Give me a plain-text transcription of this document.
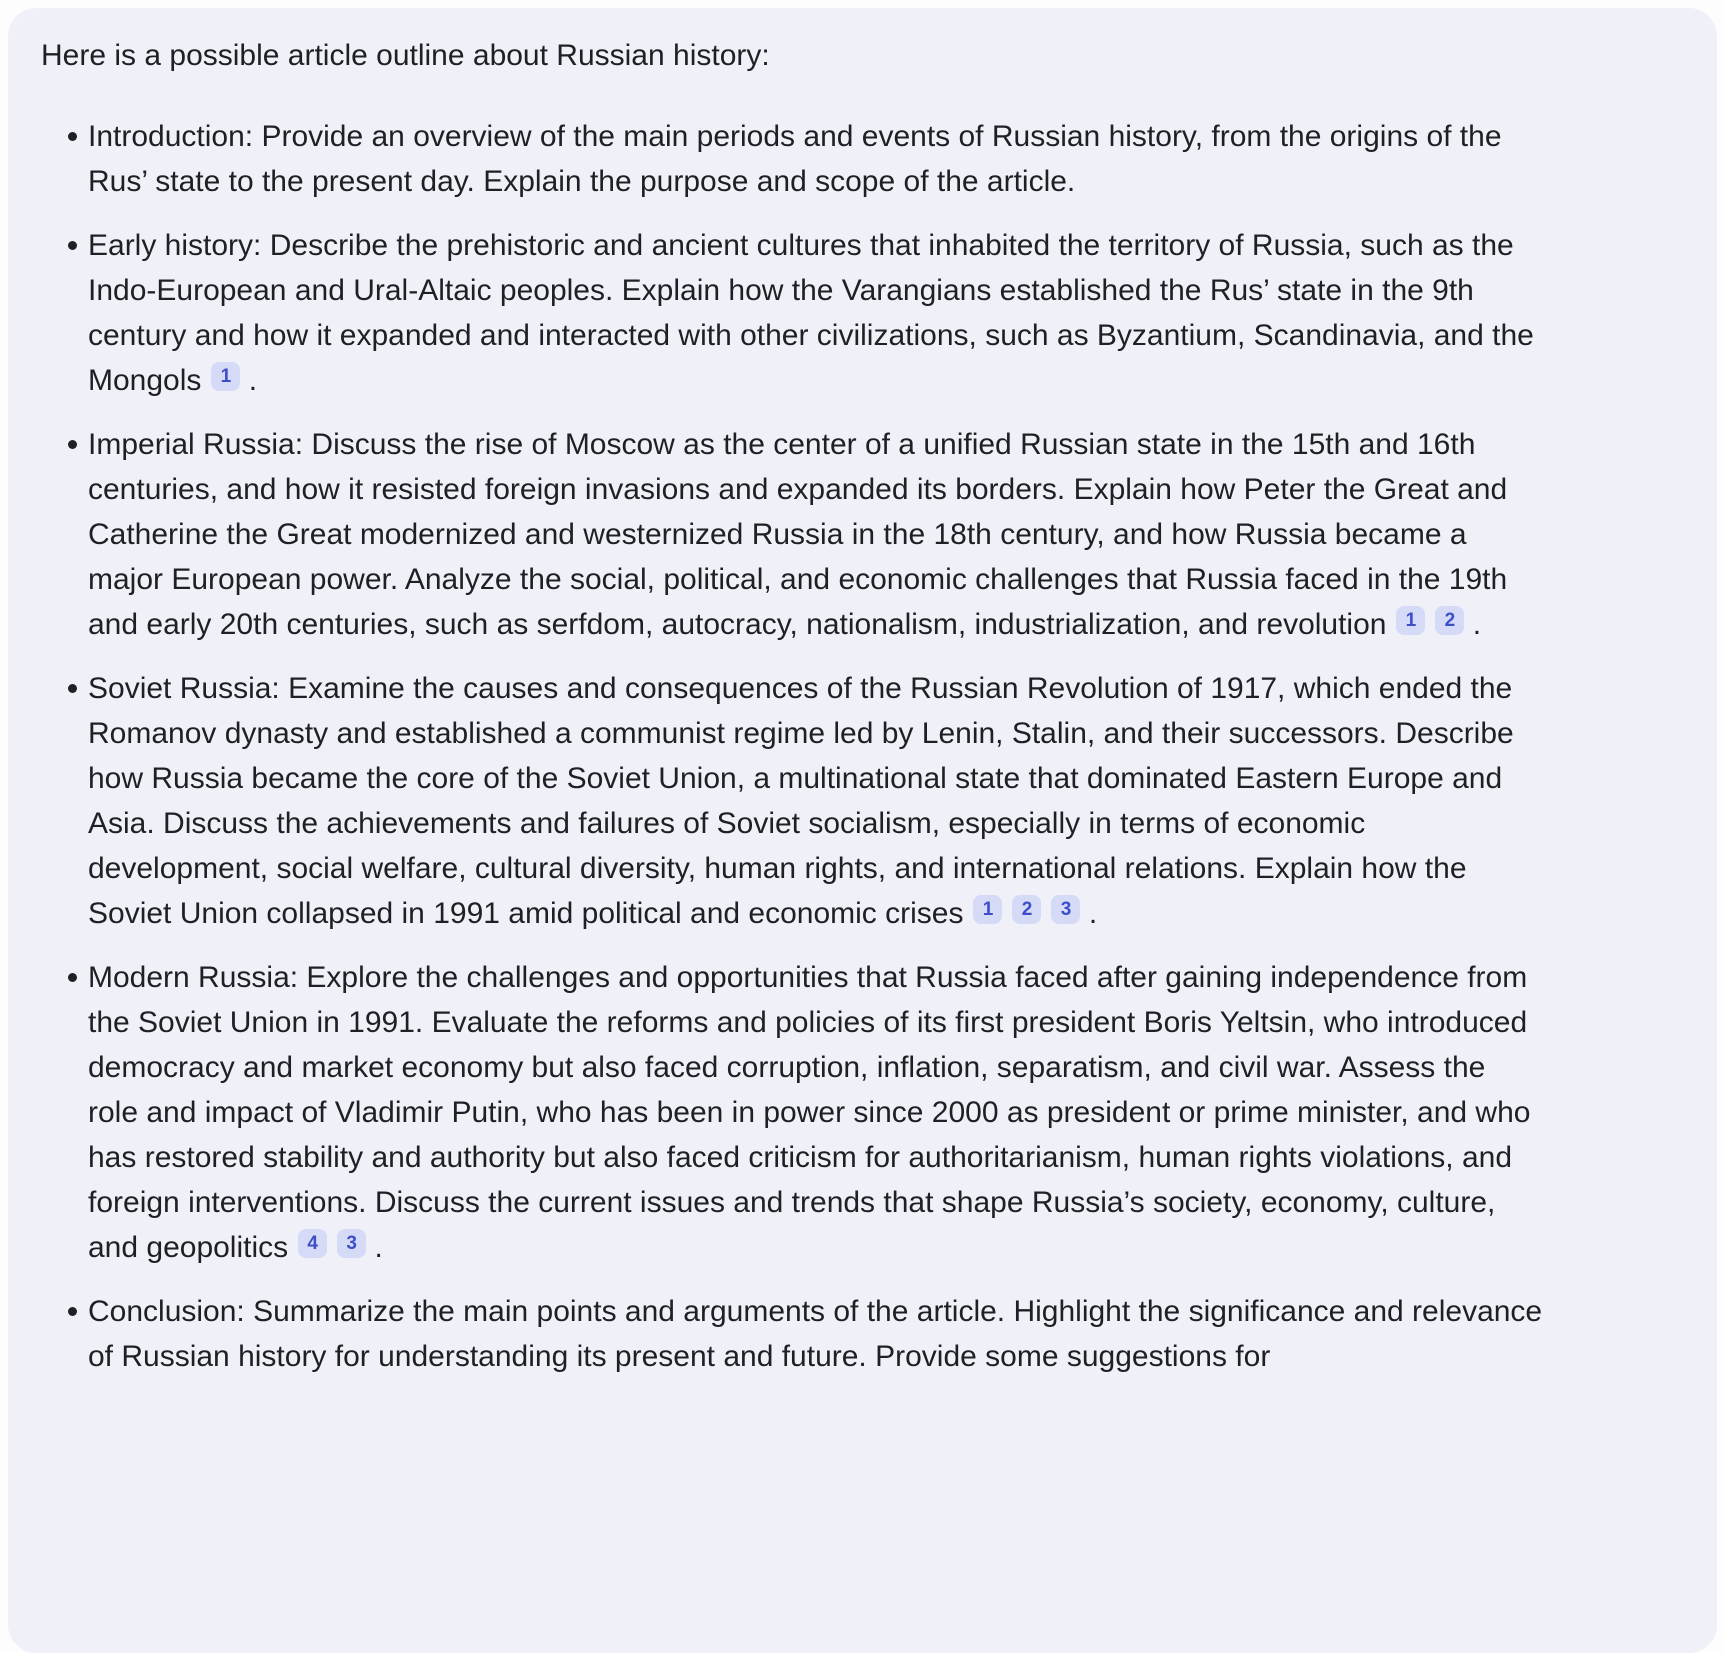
Here is a possible article outline about Russian history:

Introduction: Provide an overview of the main periods and events of Russian history, from the origins of the Rus’ state to the present day. Explain the purpose and scope of the article.
Early history: Describe the prehistoric and ancient cultures that inhabited the territory of Russia, such as the Indo-European and Ural-Altaic peoples. Explain how the Varangians established the Rus’ state in the 9th century and how it expanded and interacted with other civilizations, such as Byzantium, Scandinavia, and the Mongols 1 .
Imperial Russia: Discuss the rise of Moscow as the center of a unified Russian state in the 15th and 16th centuries, and how it resisted foreign invasions and expanded its borders. Explain how Peter the Great and Catherine the Great modernized and westernized Russia in the 18th century, and how Russia became a major European power. Analyze the social, political, and economic challenges that Russia faced in the 19th and early 20th centuries, such as serfdom, autocracy, nationalism, industrialization, and revolution 1 2 .
Soviet Russia: Examine the causes and consequences of the Russian Revolution of 1917, which ended the Romanov dynasty and established a communist regime led by Lenin, Stalin, and their successors. Describe how Russia became the core of the Soviet Union, a multinational state that dominated Eastern Europe and Asia. Discuss the achievements and failures of Soviet socialism, especially in terms of economic development, social welfare, cultural diversity, human rights, and international relations. Explain how the Soviet Union collapsed in 1991 amid political and economic crises 1 2 3 .
Modern Russia: Explore the challenges and opportunities that Russia faced after gaining independence from the Soviet Union in 1991. Evaluate the reforms and policies of its first president Boris Yeltsin, who introduced democracy and market economy but also faced corruption, inflation, separatism, and civil war. Assess the role and impact of Vladimir Putin, who has been in power since 2000 as president or prime minister, and who has restored stability and authority but also faced criticism for authoritarianism, human rights violations, and foreign interventions. Discuss the current issues and trends that shape Russia’s society, economy, culture, and geopolitics 4 3 .
Conclusion: Summarize the main points and arguments of the article. Highlight the significance and relevance of Russian history for understanding its present and future. Provide some suggestions for
